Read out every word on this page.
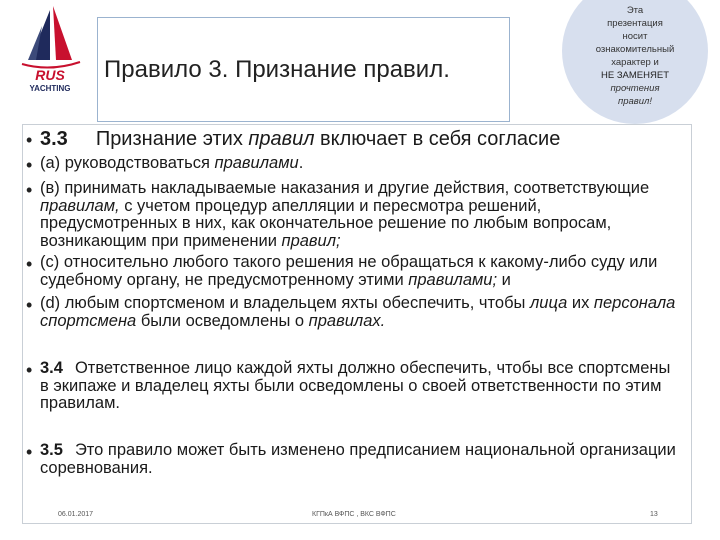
RUS
YACHTING
Правило 3. Признание правил.
Эта
презентация
носит
ознакомительный
характер и
НЕ ЗАМЕНЯЕТ
прочтения
правил!
• 3.3 Признание этих правил включает в себя согласие
• (a) руководствоваться правилами.
• (в) принимать накладываемые наказания и другие действия, соответствующие правилам, с учетом процедур апелляции и пересмотра решений, предусмотренных в них, как окончательное решение по любым вопросам, возникающим при применении правил;
• (с) относительно любого такого решения не обращаться к какому-либо суду или судебному органу, не предусмотренному этими правилами; и
• (d) любым спортсменом и владельцем яхты обеспечить, чтобы лица их персонала спортсмена были осведомлены о правилах.
• 3.4 Ответственное лицо каждой яхты должно обеспечить, чтобы все спортсмены в экипаже и владелец яхты были осведомлены о своей ответственности по этим правилам.
• 3.5 Это правило может быть изменено предписанием национальной организации соревнования.
06.01.2017	КГПкА ВФПС , ВКС ВФПС	13
